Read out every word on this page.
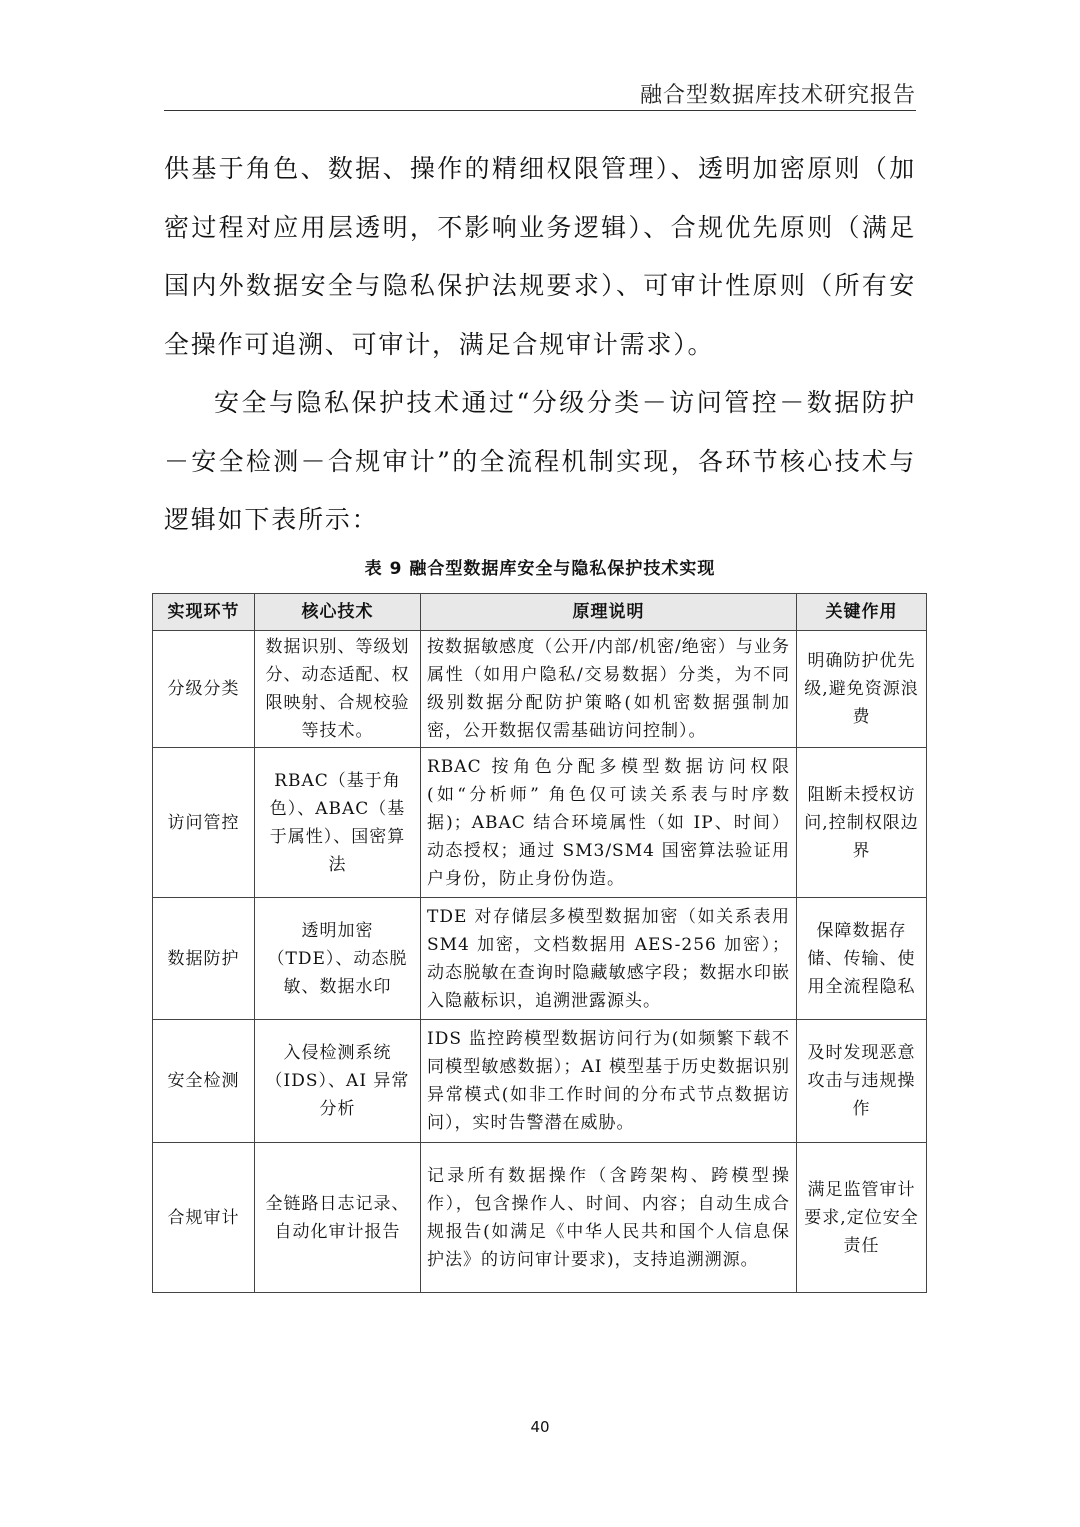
融合型数据库技术研究报告

供基于角色、数据、操作的精细权限管理）、透明加密原则（加密过程对应用层透明，不影响业务逻辑）、合规优先原则（满足国内外数据安全与隐私保护法规要求）、可审计性原则（所有安全操作可追溯、可审计，满足合规审计需求）。

安全与隐私保护技术通过“分级分类－访问管控－数据防护－安全检测－合规审计”的全流程机制实现，各环节核心技术与逻辑如下表所示：

表 9 融合型数据库安全与隐私保护技术实现
实现环节	核心技术	原理说明	关键作用
分级分类	数据识别、等级划分、动态适配、权限映射、合规校验等技术。	按数据敏感度（公开/内部/机密/绝密）与业务属性（如用户隐私/交易数据）分类，为不同级别数据分配防护策略(如机密数据强制加密，公开数据仅需基础访问控制）。	明确防护优先级,避免资源浪费
访问管控	RBAC（基于角色）、ABAC（基于属性）、国密算法	RBAC 按角色分配多模型数据访问权限(如“分析师” 角色仅可读关系表与时序数据)；ABAC 结合环境属性（如 IP、时间）动态授权；通过 SM3/SM4 国密算法验证用户身份，防止身份伪造。	阻断未授权访问,控制权限边界
数据防护	透明加密（TDE）、动态脱敏、数据水印	TDE 对存储层多模型数据加密（如关系表用 SM4 加密，文档数据用 AES-256 加密）；动态脱敏在查询时隐藏敏感字段；数据水印嵌入隐蔽标识，追溯泄露源头。	保障数据存储、传输、使用全流程隐私
安全检测	入侵检测系统（IDS）、AI 异常分析	IDS 监控跨模型数据访问行为(如频繁下载不同模型敏感数据）；AI 模型基于历史数据识别异常模式(如非工作时间的分布式节点数据访问），实时告警潜在威胁。	及时发现恶意攻击与违规操作
合规审计	全链路日志记录、自动化审计报告	记录所有数据操作（含跨架构、跨模型操作），包含操作人、时间、内容；自动生成合规报告(如满足《中华人民共和国个人信息保护法》的访问审计要求)，支持追溯溯源。	满足监管审计要求,定位安全责任
40
